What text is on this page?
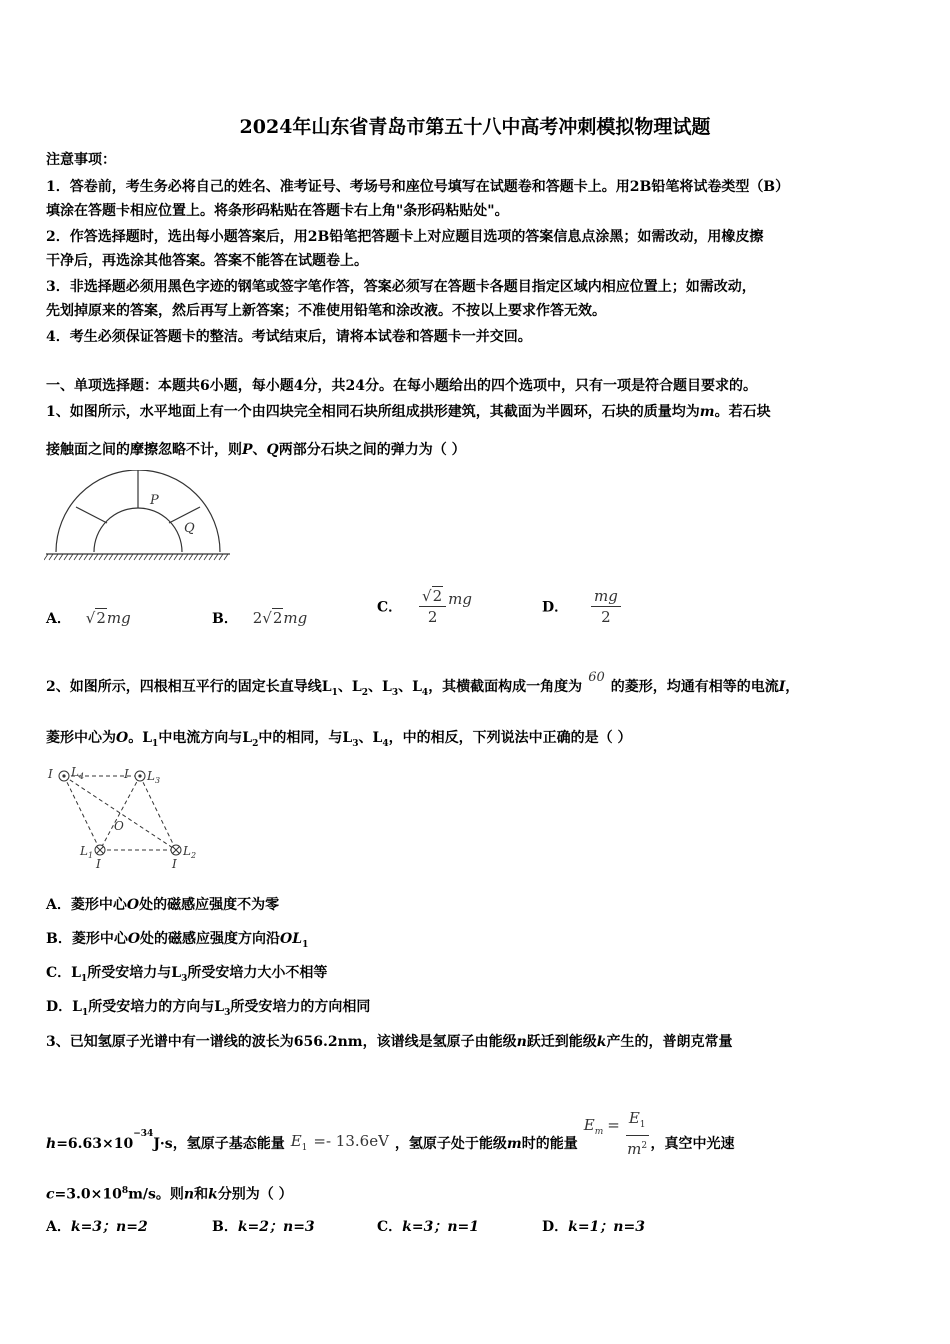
2024年山东省青岛市第五十八中高考冲刺模拟物理试题
注意事项：
1．答卷前，考生务必将自己的姓名、准考证号、考场号和座位号填写在试题卷和答题卡上。用2B铅笔将试卷类型（B）
填涂在答题卡相应位置上。将条形码粘贴在答题卡右上角"条形码粘贴处"。
2．作答选择题时，选出每小题答案后，用2B铅笔把答题卡上对应题目选项的答案信息点涂黑；如需改动，用橡皮擦
干净后，再选涂其他答案。答案不能答在试题卷上。
3．非选择题必须用黑色字迹的钢笔或签字笔作答，答案必须写在答题卡各题目指定区域内相应位置上；如需改动，
先划掉原来的答案，然后再写上新答案；不准使用铅笔和涂改液。不按以上要求作答无效。
4．考生必须保证答题卡的整洁。考试结束后，请将本试卷和答题卡一并交回。
一、单项选择题：本题共6小题，每小题4分，共24分。在每小题给出的四个选项中，只有一项是符合题目要求的。
1、如图所示，水平地面上有一个由四块完全相同石块所组成拱形建筑，其截面为半圆环，石块的质量均为m。若石块
接触面之间的摩擦忽略不计，则P、Q两部分石块之间的弹力为（ ）
P
Q
A． √2mg	B． 2√2mg
C． $\frac{√2}{2}$ mg	D． $\frac{mg}{2}$
2、如图所示，四根相互平行的固定长直导线$L_1$、$L_2$、$L_3$、$L_4$，其横截面构成一角度为60的菱形，均通有相等的电流I，
菱形中心为O。$L_1$中电流方向与$L_2$中的相同，与$L_3$、$L_4$，中的相反，下列说法中正确的是（ ）
I $L_4$	I $L_3$
$L_1$
I
$L_2$
I
O
A．菱形中心O处的磁感应强度不为零
B．菱形中心O处的磁感应强度方向沿$OL_1$
C．$L_1$所受安培力与$L_3$所受安培力大小不相等
D．$L_1$所受安培力的方向与$L_3$所受安培力的方向相同
3、已知氢原子光谱中有一谱线的波长为656.2nm，该谱线是氢原子由能级n跃迁到能级k产生的，普朗克常量
$h=6.63\times 10^{-34}J\cdot s$，氢原子基态能量 $E_1 =- 13.6eV$ ，氢原子处于能级m时的能量$E_m = \frac{E_1}{m^2}$ ，真空中光速
$c=3.0\times 10^8m/s$。则n和k分别为（ ）
A．k=3；n=2	B．k=2；n=3	C．k=3；n=1	D．k=1；n=3
